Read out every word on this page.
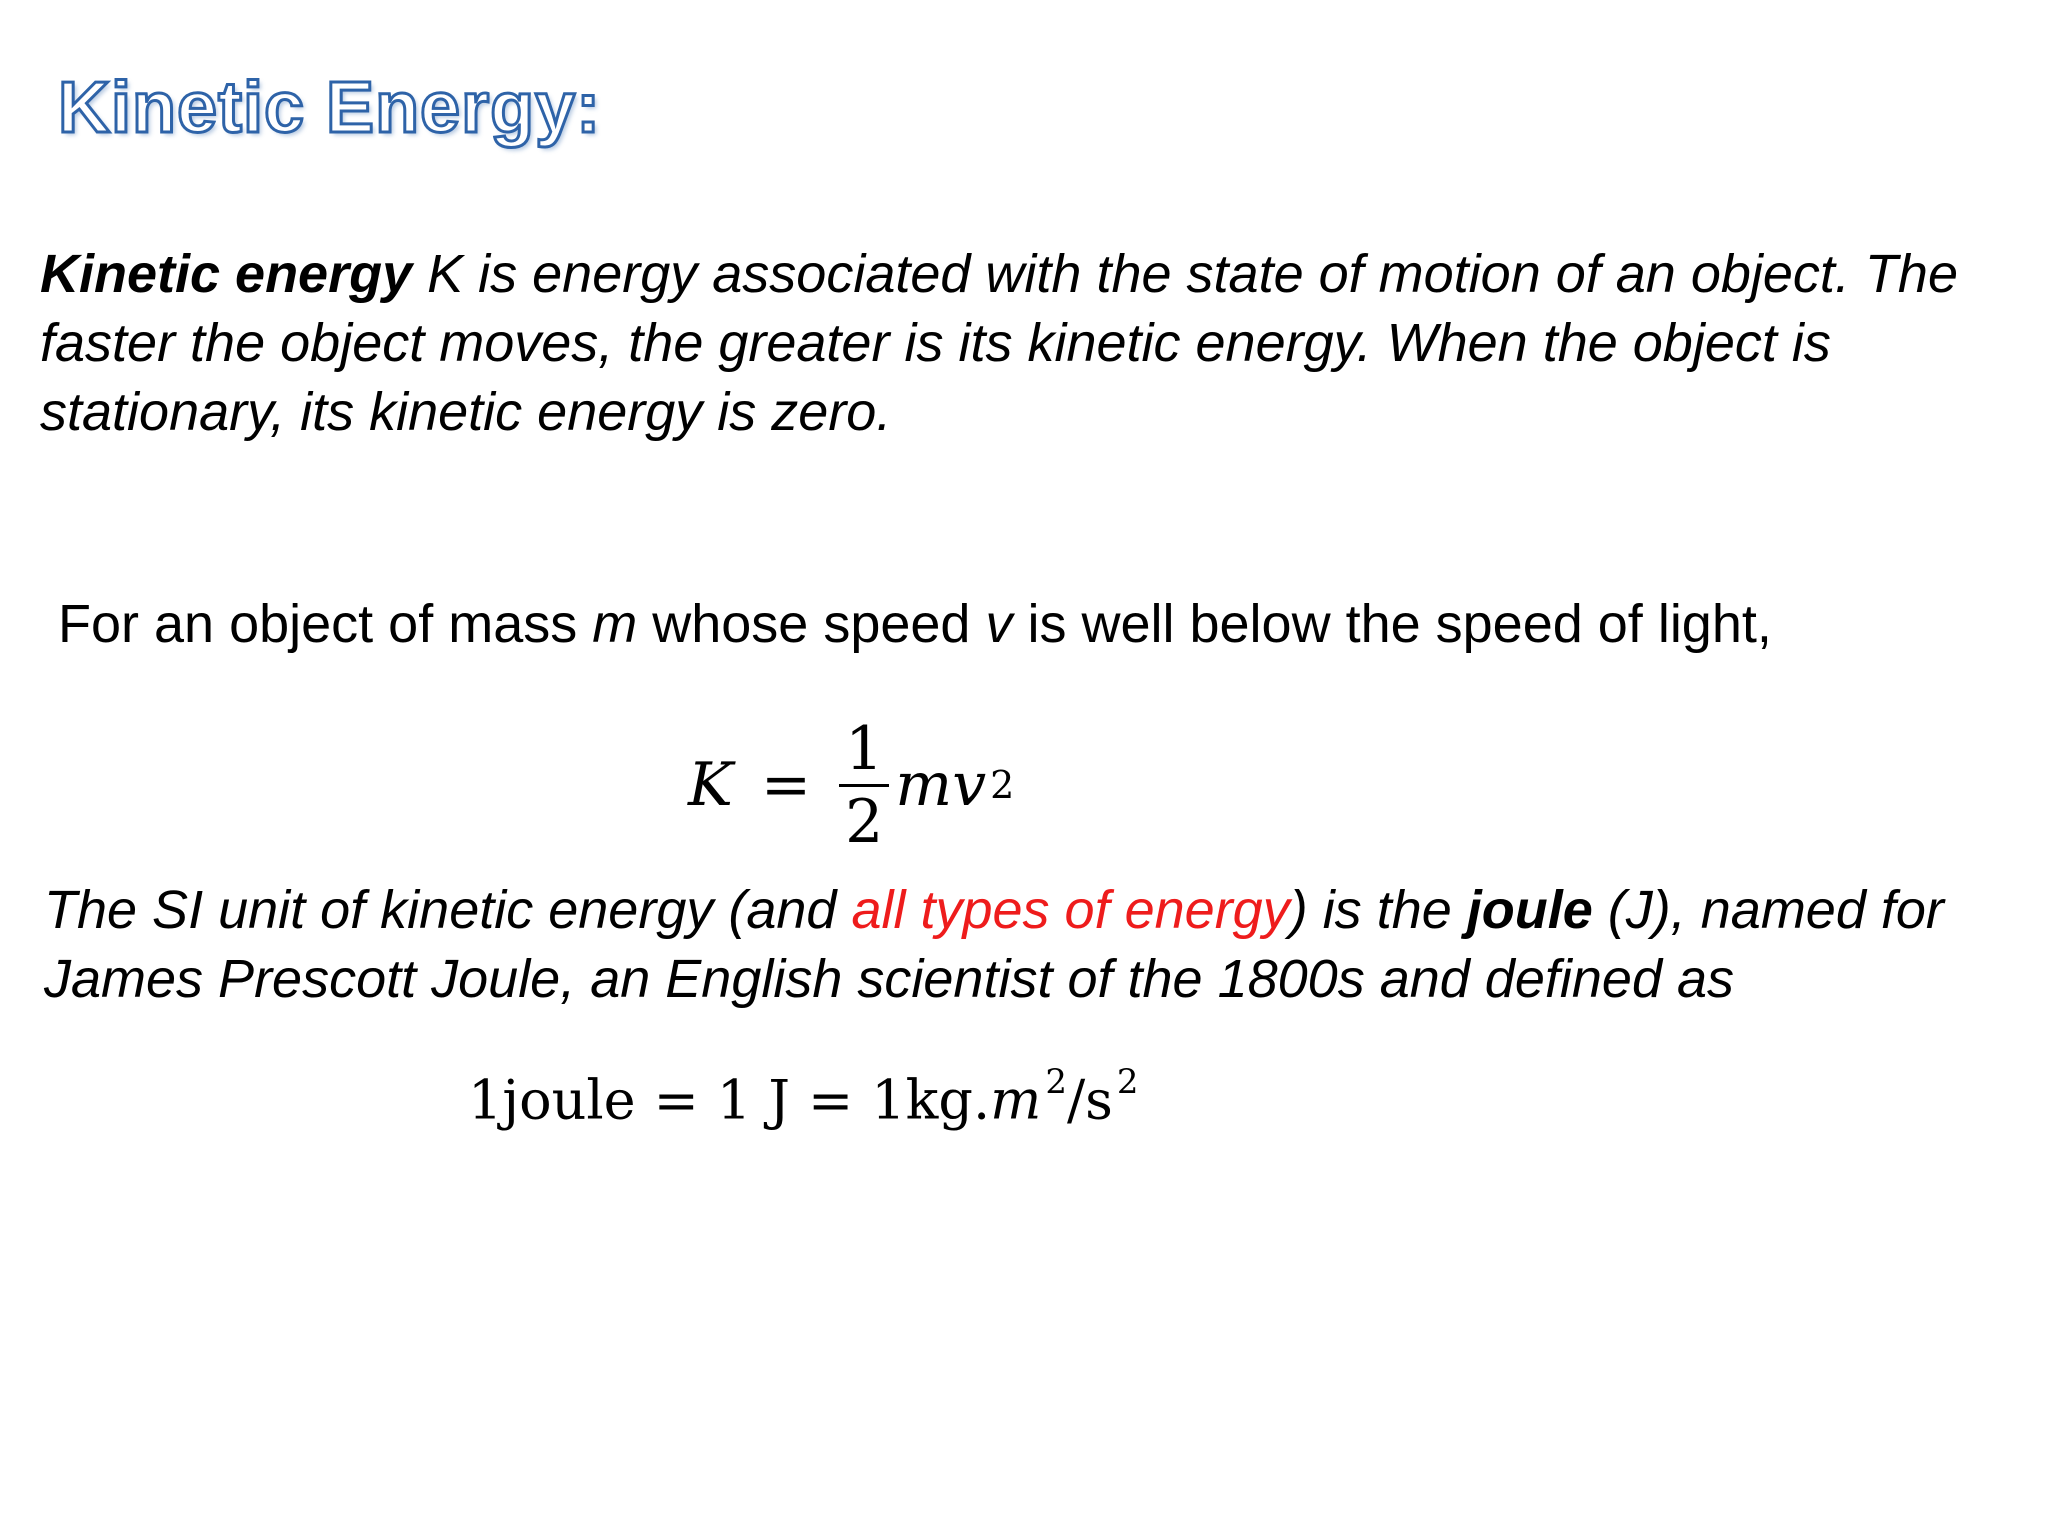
Kinetic Energy:

Kinetic energy K is energy associated with the state of motion of an object. The faster the object moves, the greater is its kinetic energy. When the object is stationary, its kinetic energy is zero.

For an object of mass m whose speed v is well below the speed of light,

$K = \frac{1}{2}$ mv 2

The SI unit of kinetic energy (and all types of energy) is the joule (J), named for James Prescott Joule, an English scientist of the 1800s and defined as

1joule = 1 J = 1kg.m $^2$/s $^2$
